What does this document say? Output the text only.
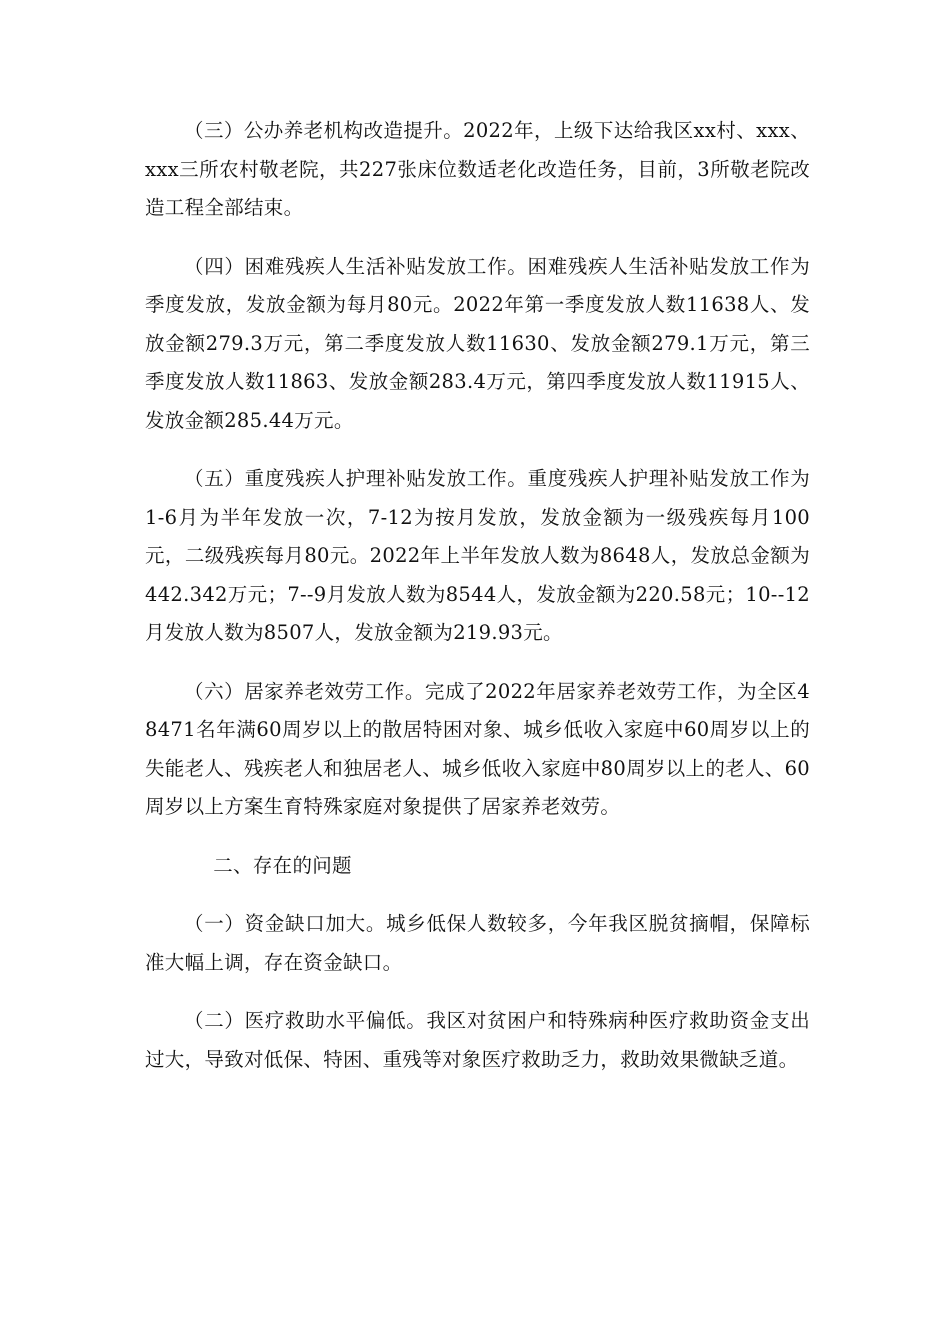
（三）公办养老机构改造提升。2022年，上级下达给我区xx村、xxx、xxx三所农村敬老院，共227张床位数适老化改造任务，目前，3所敬老院改造工程全部结束。

（四）困难残疾人生活补贴发放工作。困难残疾人生活补贴发放工作为季度发放，发放金额为每月80元。2022年第一季度发放人数11638人、发放金额279.3万元，第二季度发放人数11630、发放金额279.1万元，第三季度发放人数11863、发放金额283.4万元，第四季度发放人数11915人、发放金额285.44万元。

（五）重度残疾人护理补贴发放工作。重度残疾人护理补贴发放工作为1-6月为半年发放一次，7-12为按月发放，发放金额为一级残疾每月100元，二级残疾每月80元。2022年上半年发放人数为8648人，发放总金额为442.342万元；7--9月发放人数为8544人，发放金额为220.58元；10--12月发放人数为8507人，发放金额为219.93元。

（六）居家养老效劳工作。完成了2022年居家养老效劳工作，为全区48471名年满60周岁以上的散居特困对象、城乡低收入家庭中60周岁以上的失能老人、残疾老人和独居老人、城乡低收入家庭中80周岁以上的老人、60周岁以上方案生育特殊家庭对象提供了居家养老效劳。

二、存在的问题

（一）资金缺口加大。城乡低保人数较多，今年我区脱贫摘帽，保障标准大幅上调，存在资金缺口。

（二）医疗救助水平偏低。我区对贫困户和特殊病种医疗救助资金支出过大，导致对低保、特困、重残等对象医疗救助乏力，救助效果微缺乏道。
